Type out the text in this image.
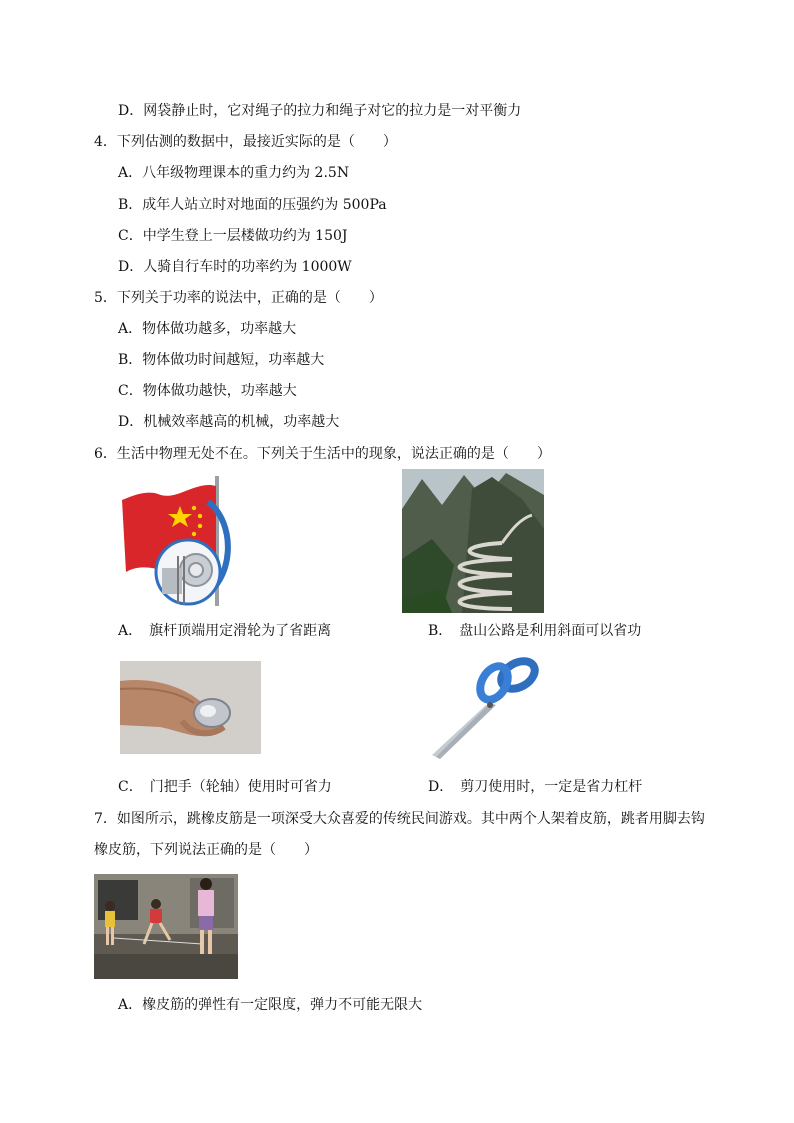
D．网袋静止时，它对绳子的拉力和绳子对它的拉力是一对平衡力
4．下列估测的数据中，最接近实际的是（　　）
A．八年级物理课本的重力约为 2.5N
B．成年人站立时对地面的压强约为 500Pa
C．中学生登上一层楼做功约为 150J
D．人骑自行车时的功率约为 1000W
5．下列关于功率的说法中，正确的是（　　）
A．物体做功越多，功率越大
B．物体做功时间越短，功率越大
C．物体做功越快，功率越大
D．机械效率越高的机械，功率越大
6．生活中物理无处不在。下列关于生活中的现象，说法正确的是（　　）
A．　旗杆顶端用定滑轮为了省距离	B．　盘山公路是利用斜面可以省功
C．　门把手（轮轴）使用时可省力	D．　剪刀使用时，一定是省力杠杆
7．如图所示，跳橡皮筋是一项深受大众喜爱的传统民间游戏。其中两个人架着皮筋，跳者用脚去钩
橡皮筋，下列说法正确的是（　　）
A．橡皮筋的弹性有一定限度，弹力不可能无限大
